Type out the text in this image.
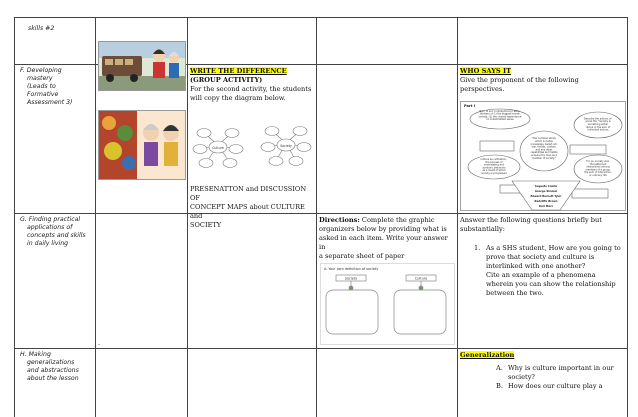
skills #2
F. Developing
mastery
(Leads to
Formative
Assessment 3)
G. Finding practical
applications of
concepts and skills
in daily living
H. Making
generalizations
and abstractions
about the lesson
WRITE THE DIFFERENCE
(GROUP ACTIVITY)
For the second activity, the students
will copy the diagram below.
Culture	Society
PRESENATTON and DISCUSSION OF
CONCEPT MAPS about CULTURE and
SOCIETY
WHO SAYS IT
Give the proponent of the following
perspectives.
Part I
Born of any contributions to early thinkers on 1) the biggest human society, (2) the closest dependence on industrialized sense
"The complex whole which includes knowledge, belief, art, law, morals, custom, and any other capabilities and habits acquired by man as a member of society."
Culture as cultivation; the process of interrelating and symbolic behaviors as a result of which society is progressed
Describe the actions of social life; "Society is something either divine or the sum of individual actions
For us, society was the patterned interactions among members of a group, the sum of interaction, or ordinary life
Auguste Comte
George Simmel
Edward Burnett Tylor
Radcliffe Brown
Karl Marx
.
Directions: Complete the graphic
organizers below by providing what is
asked in each item. Write your answer in
a separate sheet of paper
A. Your own definition of society
Society	Culture
Answer the following questions briefly but
substantially:
1. As a SHS student, How are you going to
prove that society and culture is
interlinked with one another?
Cite an example of a phenomena
wherein you can show the relationship
between the two.
Generalization
A. Why is culture important in our
society?
B. How does our culture play a
